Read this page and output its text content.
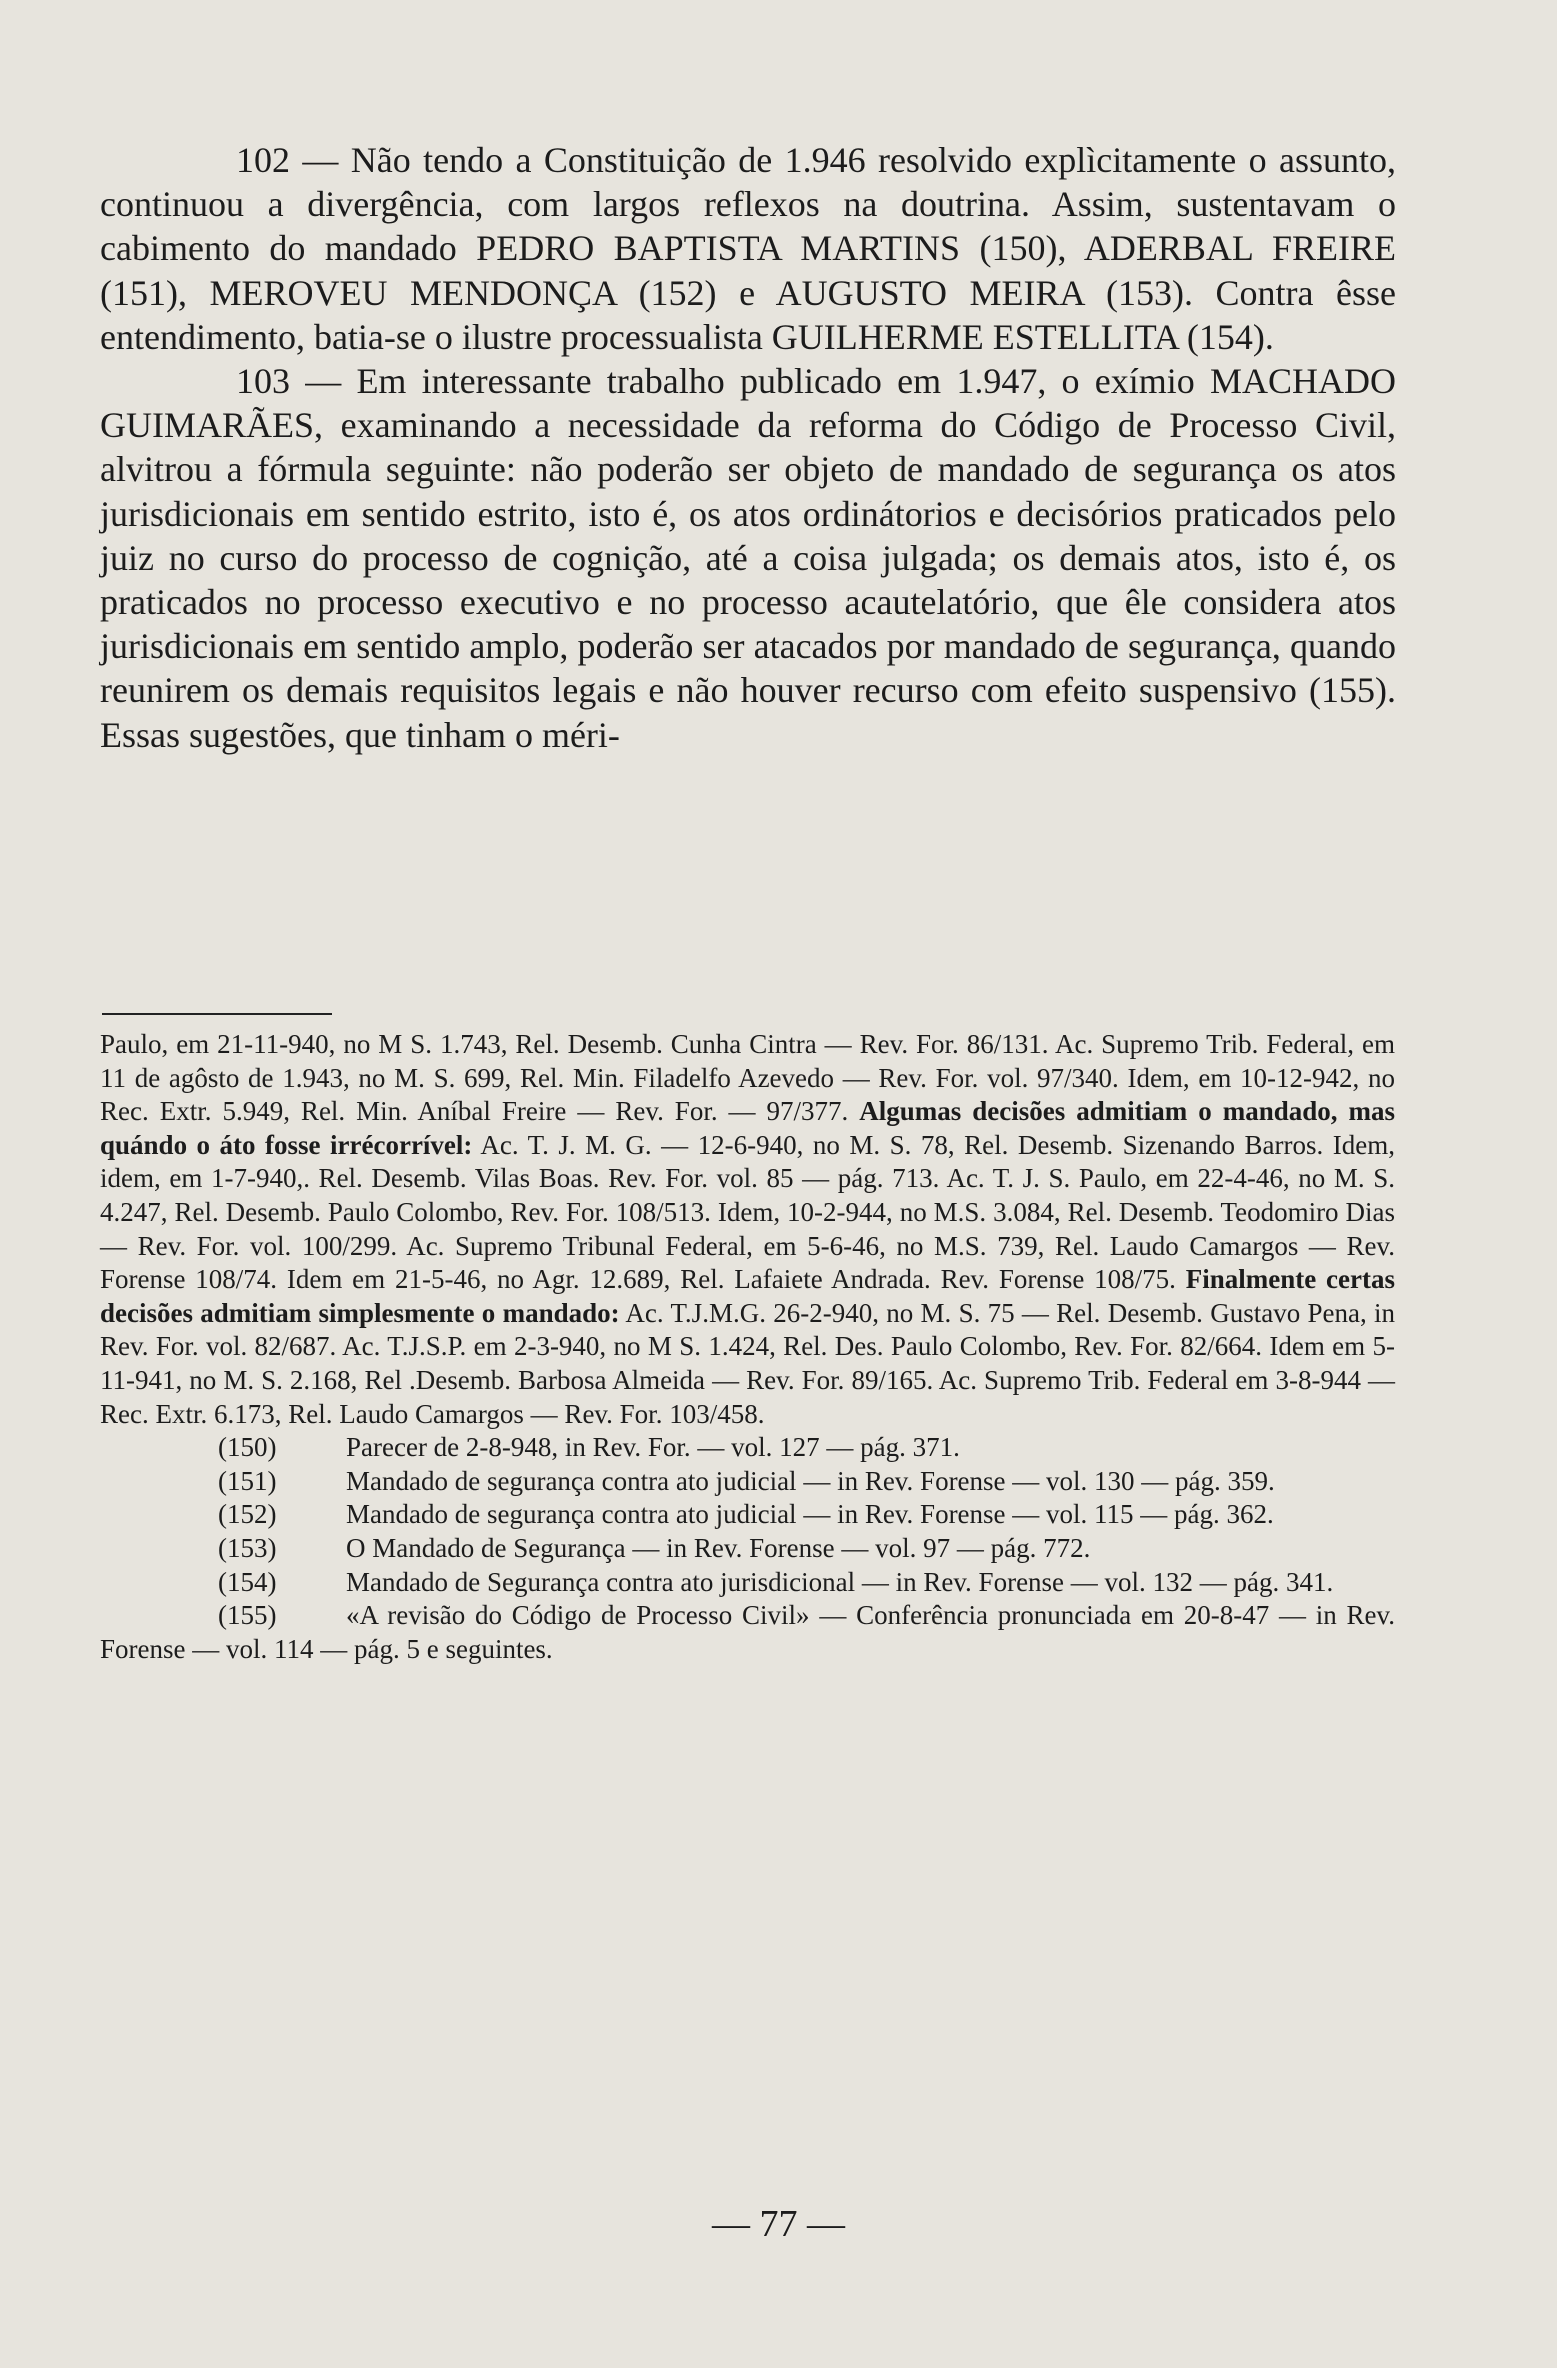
102 — Não tendo a Constituição de 1.946 resolvido explìcitamente o assunto, continuou a divergência, com largos reflexos na doutrina. Assim, sustentavam o cabimento do mandado PEDRO BAPTISTA MARTINS (150), ADERBAL FREIRE (151), MEROVEU MENDONÇA (152) e AUGUSTO MEIRA (153). Contra êsse entendimento, batia-se o ilustre processualista GUILHERME ESTELLITA (154).

103 — Em interessante trabalho publicado em 1.947, o exímio MACHADO GUIMARÃES, examinando a necessidade da reforma do Código de Processo Civil, alvitrou a fórmula seguinte: não poderão ser objeto de mandado de segurança os atos jurisdicionais em sentido estrito, isto é, os atos ordinátorios e decisórios praticados pelo juiz no curso do processo de cognição, até a coisa julgada; os demais atos, isto é, os praticados no processo executivo e no processo acautelatório, que êle considera atos jurisdicionais em sentido amplo, poderão ser atacados por mandado de segurança, quando reunirem os demais requisitos legais e não houver recurso com efeito suspensivo (155). Essas sugestões, que tinham o méri-

Paulo, em 21-11-940, no M S. 1.743, Rel. Desemb. Cunha Cintra — Rev. For. 86/131. Ac. Supremo Trib. Federal, em 11 de agôsto de 1.943, no M. S. 699, Rel. Min. Filadelfo Azevedo — Rev. For. vol. 97/340. Idem, em 10-12-942, no Rec. Extr. 5.949, Rel. Min. Aníbal Freire — Rev. For. — 97/377. Algumas decisões admitiam o mandado, mas quándo o áto fosse irrécorrível: Ac. T. J. M. G. — 12-6-940, no M. S. 78, Rel. Desemb. Sizenando Barros. Idem, idem, em 1-7-940,. Rel. Desemb. Vilas Boas. Rev. For. vol. 85 — pág. 713. Ac. T. J. S. Paulo, em 22-4-46, no M. S. 4.247, Rel. Desemb. Paulo Colombo, Rev. For. 108/513. Idem, 10-2-944, no M.S. 3.084, Rel. Desemb. Teodomiro Dias — Rev. For. vol. 100/299. Ac. Supremo Tribunal Federal, em 5-6-46, no M.S. 739, Rel. Laudo Camargos — Rev. Forense 108/74. Idem em 21-5-46, no Agr. 12.689, Rel. Lafaiete Andrada. Rev. Forense 108/75. Finalmente certas decisões admitiam simplesmente o mandado: Ac. T.J.M.G. 26-2-940, no M. S. 75 — Rel. Desemb. Gustavo Pena, in Rev. For. vol. 82/687. Ac. T.J.S.P. em 2-3-940, no M S. 1.424, Rel. Des. Paulo Colombo, Rev. For. 82/664. Idem em 5-11-941, no M. S. 2.168, Rel .Desemb. Barbosa Almeida — Rev. For. 89/165. Ac. Supremo Trib. Federal em 3-8-944 — Rec. Extr. 6.173, Rel. Laudo Camargos — Rev. For. 103/458.

(150)	Parecer de 2-8-948, in Rev. For. — vol. 127 — pág. 371.

(151)	Mandado de segurança contra ato judicial — in Rev. Forense — vol. 130 — pág. 359.

(152)	Mandado de segurança contra ato judicial — in Rev. Forense — vol. 115 — pág. 362.

(153)	O Mandado de Segurança — in Rev. Forense — vol. 97 — pág. 772.

(154)	Mandado de Segurança contra ato jurisdicional — in Rev. Forense — vol. 132 — pág. 341.

(155)	«A revisão do Código de Processo Civil» — Conferência pronunciada em 20-8-47 — in Rev. Forense — vol. 114 — pág. 5 e seguintes.

— 77 —
